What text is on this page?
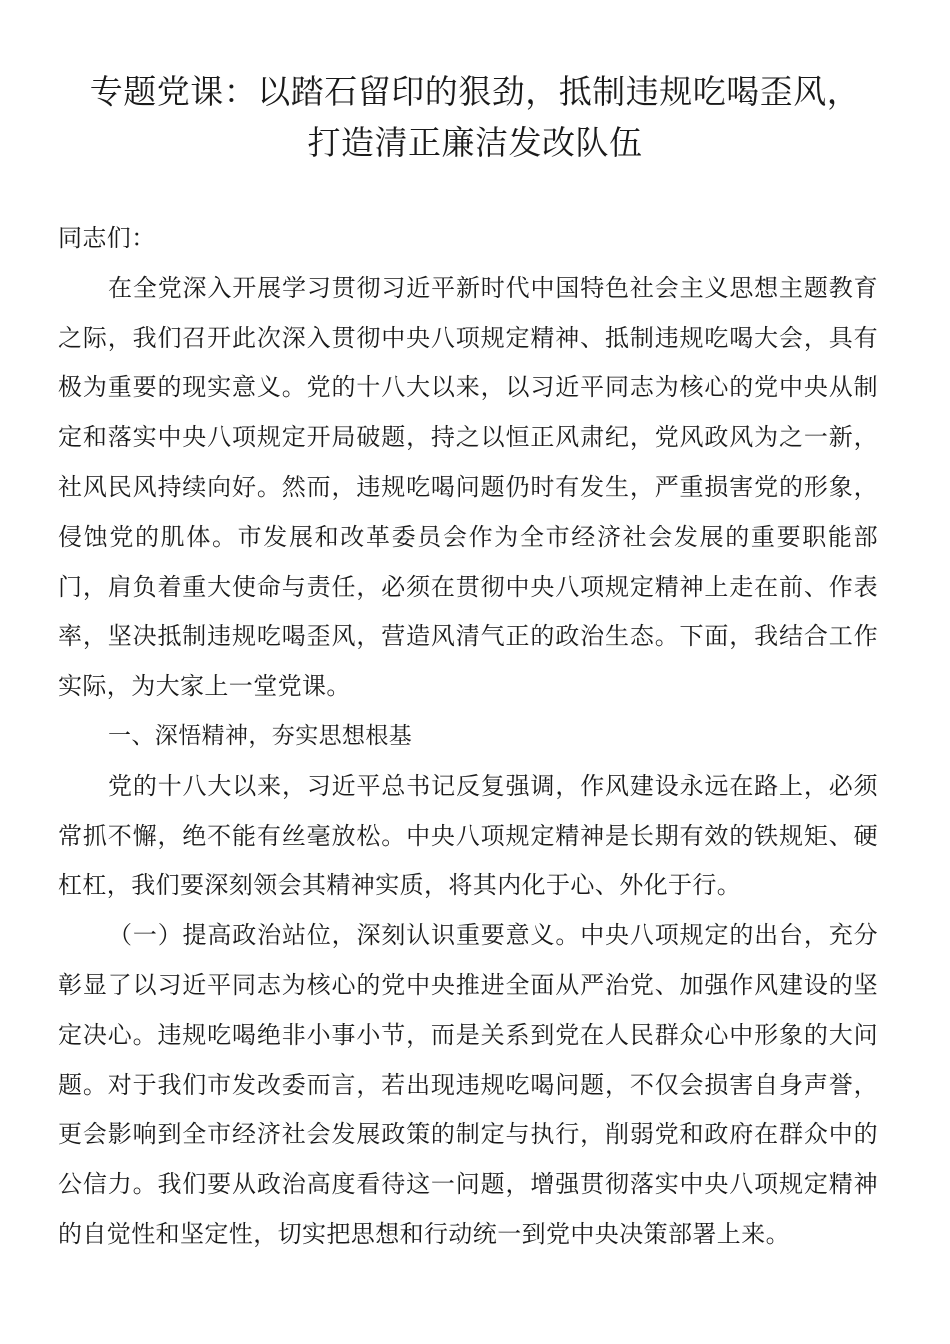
专题党课：以踏石留印的狠劲，抵制违规吃喝歪风，
打造清正廉洁发改队伍

同志们：

在全党深入开展学习贯彻习近平新时代中国特色社会主义思想主题教育之际，我们召开此次深入贯彻中央八项规定精神、抵制违规吃喝大会，具有极为重要的现实意义。党的十八大以来，以习近平同志为核心的党中央从制定和落实中央八项规定开局破题，持之以恒正风肃纪，党风政风为之一新，社风民风持续向好。然而，违规吃喝问题仍时有发生，严重损害党的形象，侵蚀党的肌体。市发展和改革委员会作为全市经济社会发展的重要职能部门，肩负着重大使命与责任，必须在贯彻中央八项规定精神上走在前、作表率，坚决抵制违规吃喝歪风，营造风清气正的政治生态。下面，我结合工作实际，为大家上一堂党课。

一、深悟精神，夯实思想根基

党的十八大以来，习近平总书记反复强调，作风建设永远在路上，必须常抓不懈，绝不能有丝毫放松。中央八项规定精神是长期有效的铁规矩、硬杠杠，我们要深刻领会其精神实质，将其内化于心、外化于行。

（一）提高政治站位，深刻认识重要意义。中央八项规定的出台，充分彰显了以习近平同志为核心的党中央推进全面从严治党、加强作风建设的坚定决心。违规吃喝绝非小事小节，而是关系到党在人民群众心中形象的大问题。对于我们市发改委而言，若出现违规吃喝问题，不仅会损害自身声誉，更会影响到全市经济社会发展政策的制定与执行，削弱党和政府在群众中的公信力。我们要从政治高度看待这一问题，增强贯彻落实中央八项规定精神的自觉性和坚定性，切实把思想和行动统一到党中央决策部署上来。
